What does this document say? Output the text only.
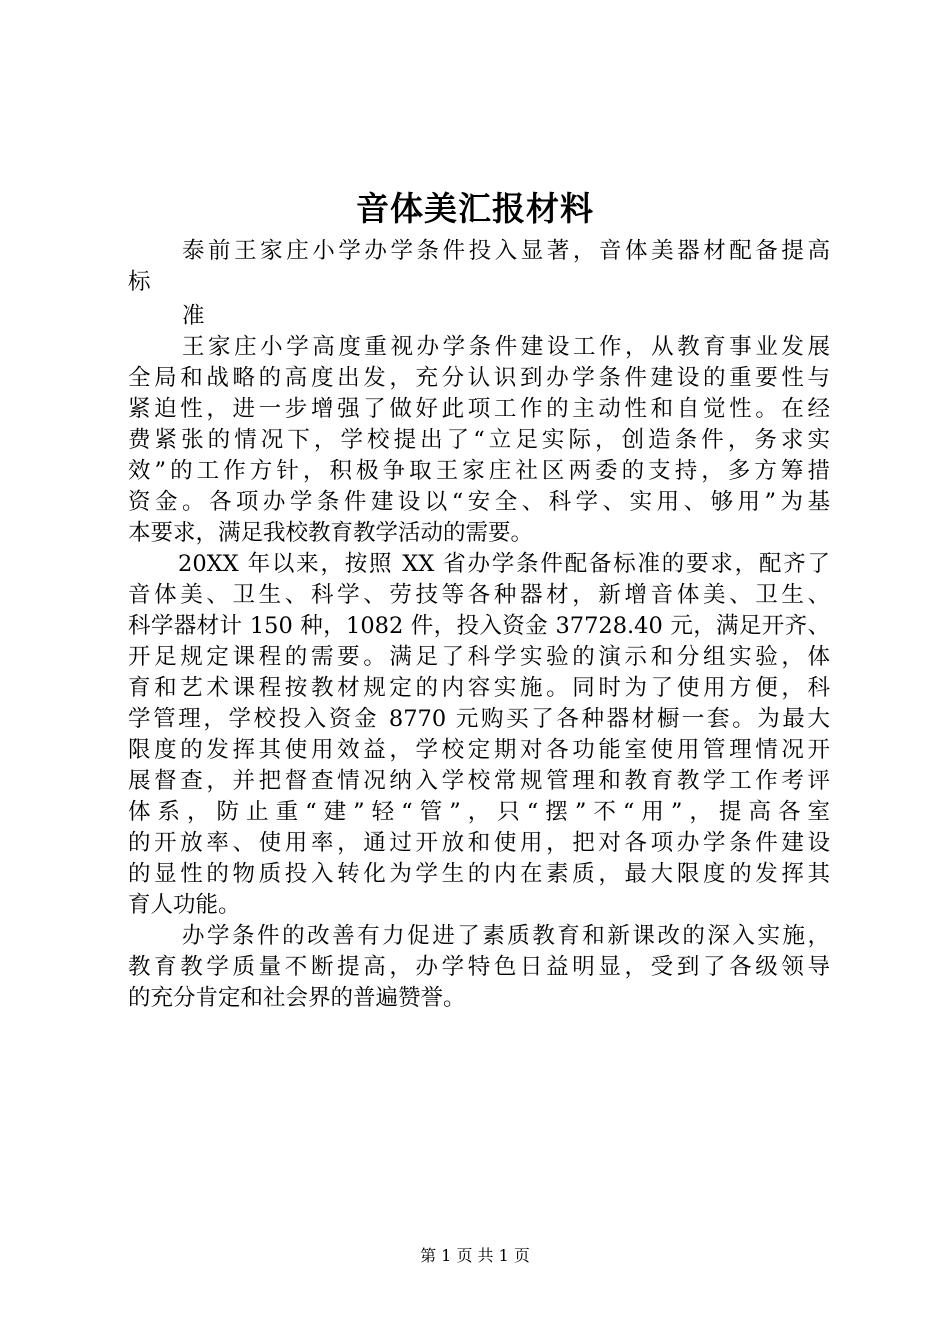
音体美汇报材料
泰前王家庄小学办学条件投入显著，音体美器材配备提高
标
准
王家庄小学高度重视办学条件建设工作，从教育事业发展
全局和战略的高度出发，充分认识到办学条件建设的重要性与
紧迫性，进一步增强了做好此项工作的主动性和自觉性。在经
费紧张的情况下，学校提出了“立足实际，创造条件，务求实
效”的工作方针，积极争取王家庄社区两委的支持，多方筹措
资金。各项办学条件建设以“安全、科学、实用、够用”为基
本要求，满足我校教育教学活动的需要。
20XX 年以来，按照 XX 省办学条件配备标准的要求，配齐了
音体美、卫生、科学、劳技等各种器材，新增音体美、卫生、
科学器材计 150 种，1082 件，投入资金 37728.40 元，满足开齐、
开足规定课程的需要。满足了科学实验的演示和分组实验，体
育和艺术课程按教材规定的内容实施。同时为了使用方便，科
学管理，学校投入资金 8770 元购买了各种器材橱一套。为最大
限度的发挥其使用效益，学校定期对各功能室使用管理情况开
展督查，并把督查情况纳入学校常规管理和教育教学工作考评
体系，防止重“建”轻“管”，只“摆”不“用”，提高各室
的开放率、使用率，通过开放和使用，把对各项办学条件建设
的显性的物质投入转化为学生的内在素质，最大限度的发挥其
育人功能。
办学条件的改善有力促进了素质教育和新课改的深入实施，
教育教学质量不断提高，办学特色日益明显，受到了各级领导
的充分肯定和社会界的普遍赞誉。
第 1 页 共 1 页
